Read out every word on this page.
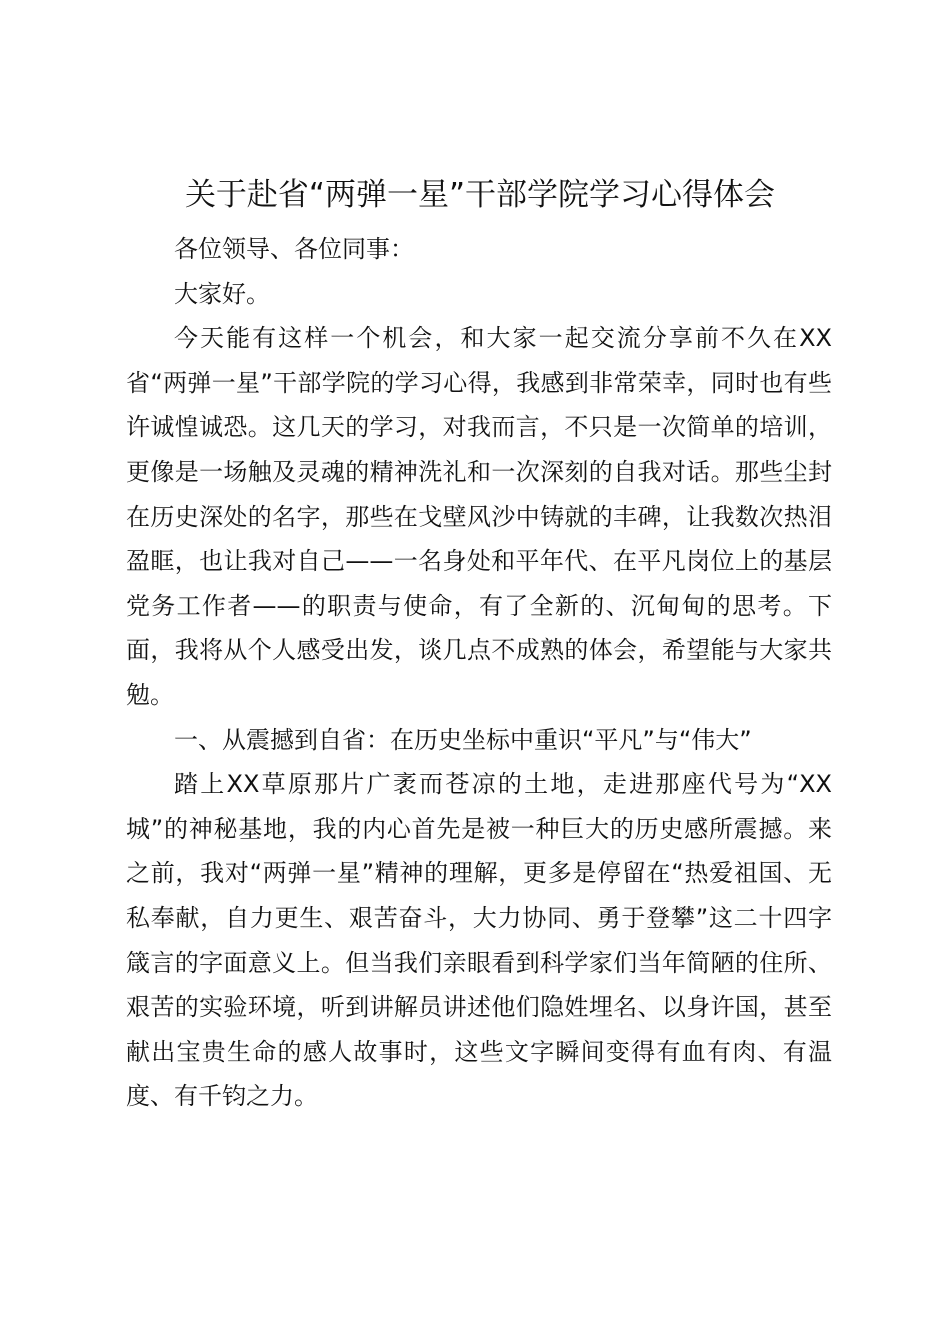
关于赴省“两弹一星”干部学院学习心得体会

各位领导、各位同事：

大家好。

今天能有这样一个机会，和大家一起交流分享前不久在XX省“两弹一星”干部学院的学习心得，我感到非常荣幸，同时也有些许诚惶诚恐。这几天的学习，对我而言，不只是一次简单的培训，更像是一场触及灵魂的精神洗礼和一次深刻的自我对话。那些尘封在历史深处的名字，那些在戈壁风沙中铸就的丰碑，让我数次热泪盈眶，也让我对自己——一名身处和平年代、在平凡岗位上的基层党务工作者——的职责与使命，有了全新的、沉甸甸的思考。下面，我将从个人感受出发，谈几点不成熟的体会，希望能与大家共勉。

一、从震撼到自省：在历史坐标中重识“平凡”与“伟大”

踏上XX草原那片广袤而苍凉的土地，走进那座代号为“XX城”的神秘基地，我的内心首先是被一种巨大的历史感所震撼。来之前，我对“两弹一星”精神的理解，更多是停留在“热爱祖国、无私奉献，自力更生、艰苦奋斗，大力协同、勇于登攀”这二十四字箴言的字面意义上。但当我们亲眼看到科学家们当年简陋的住所、艰苦的实验环境，听到讲解员讲述他们隐姓埋名、以身许国，甚至献出宝贵生命的感人故事时，这些文字瞬间变得有血有肉、有温度、有千钧之力。
